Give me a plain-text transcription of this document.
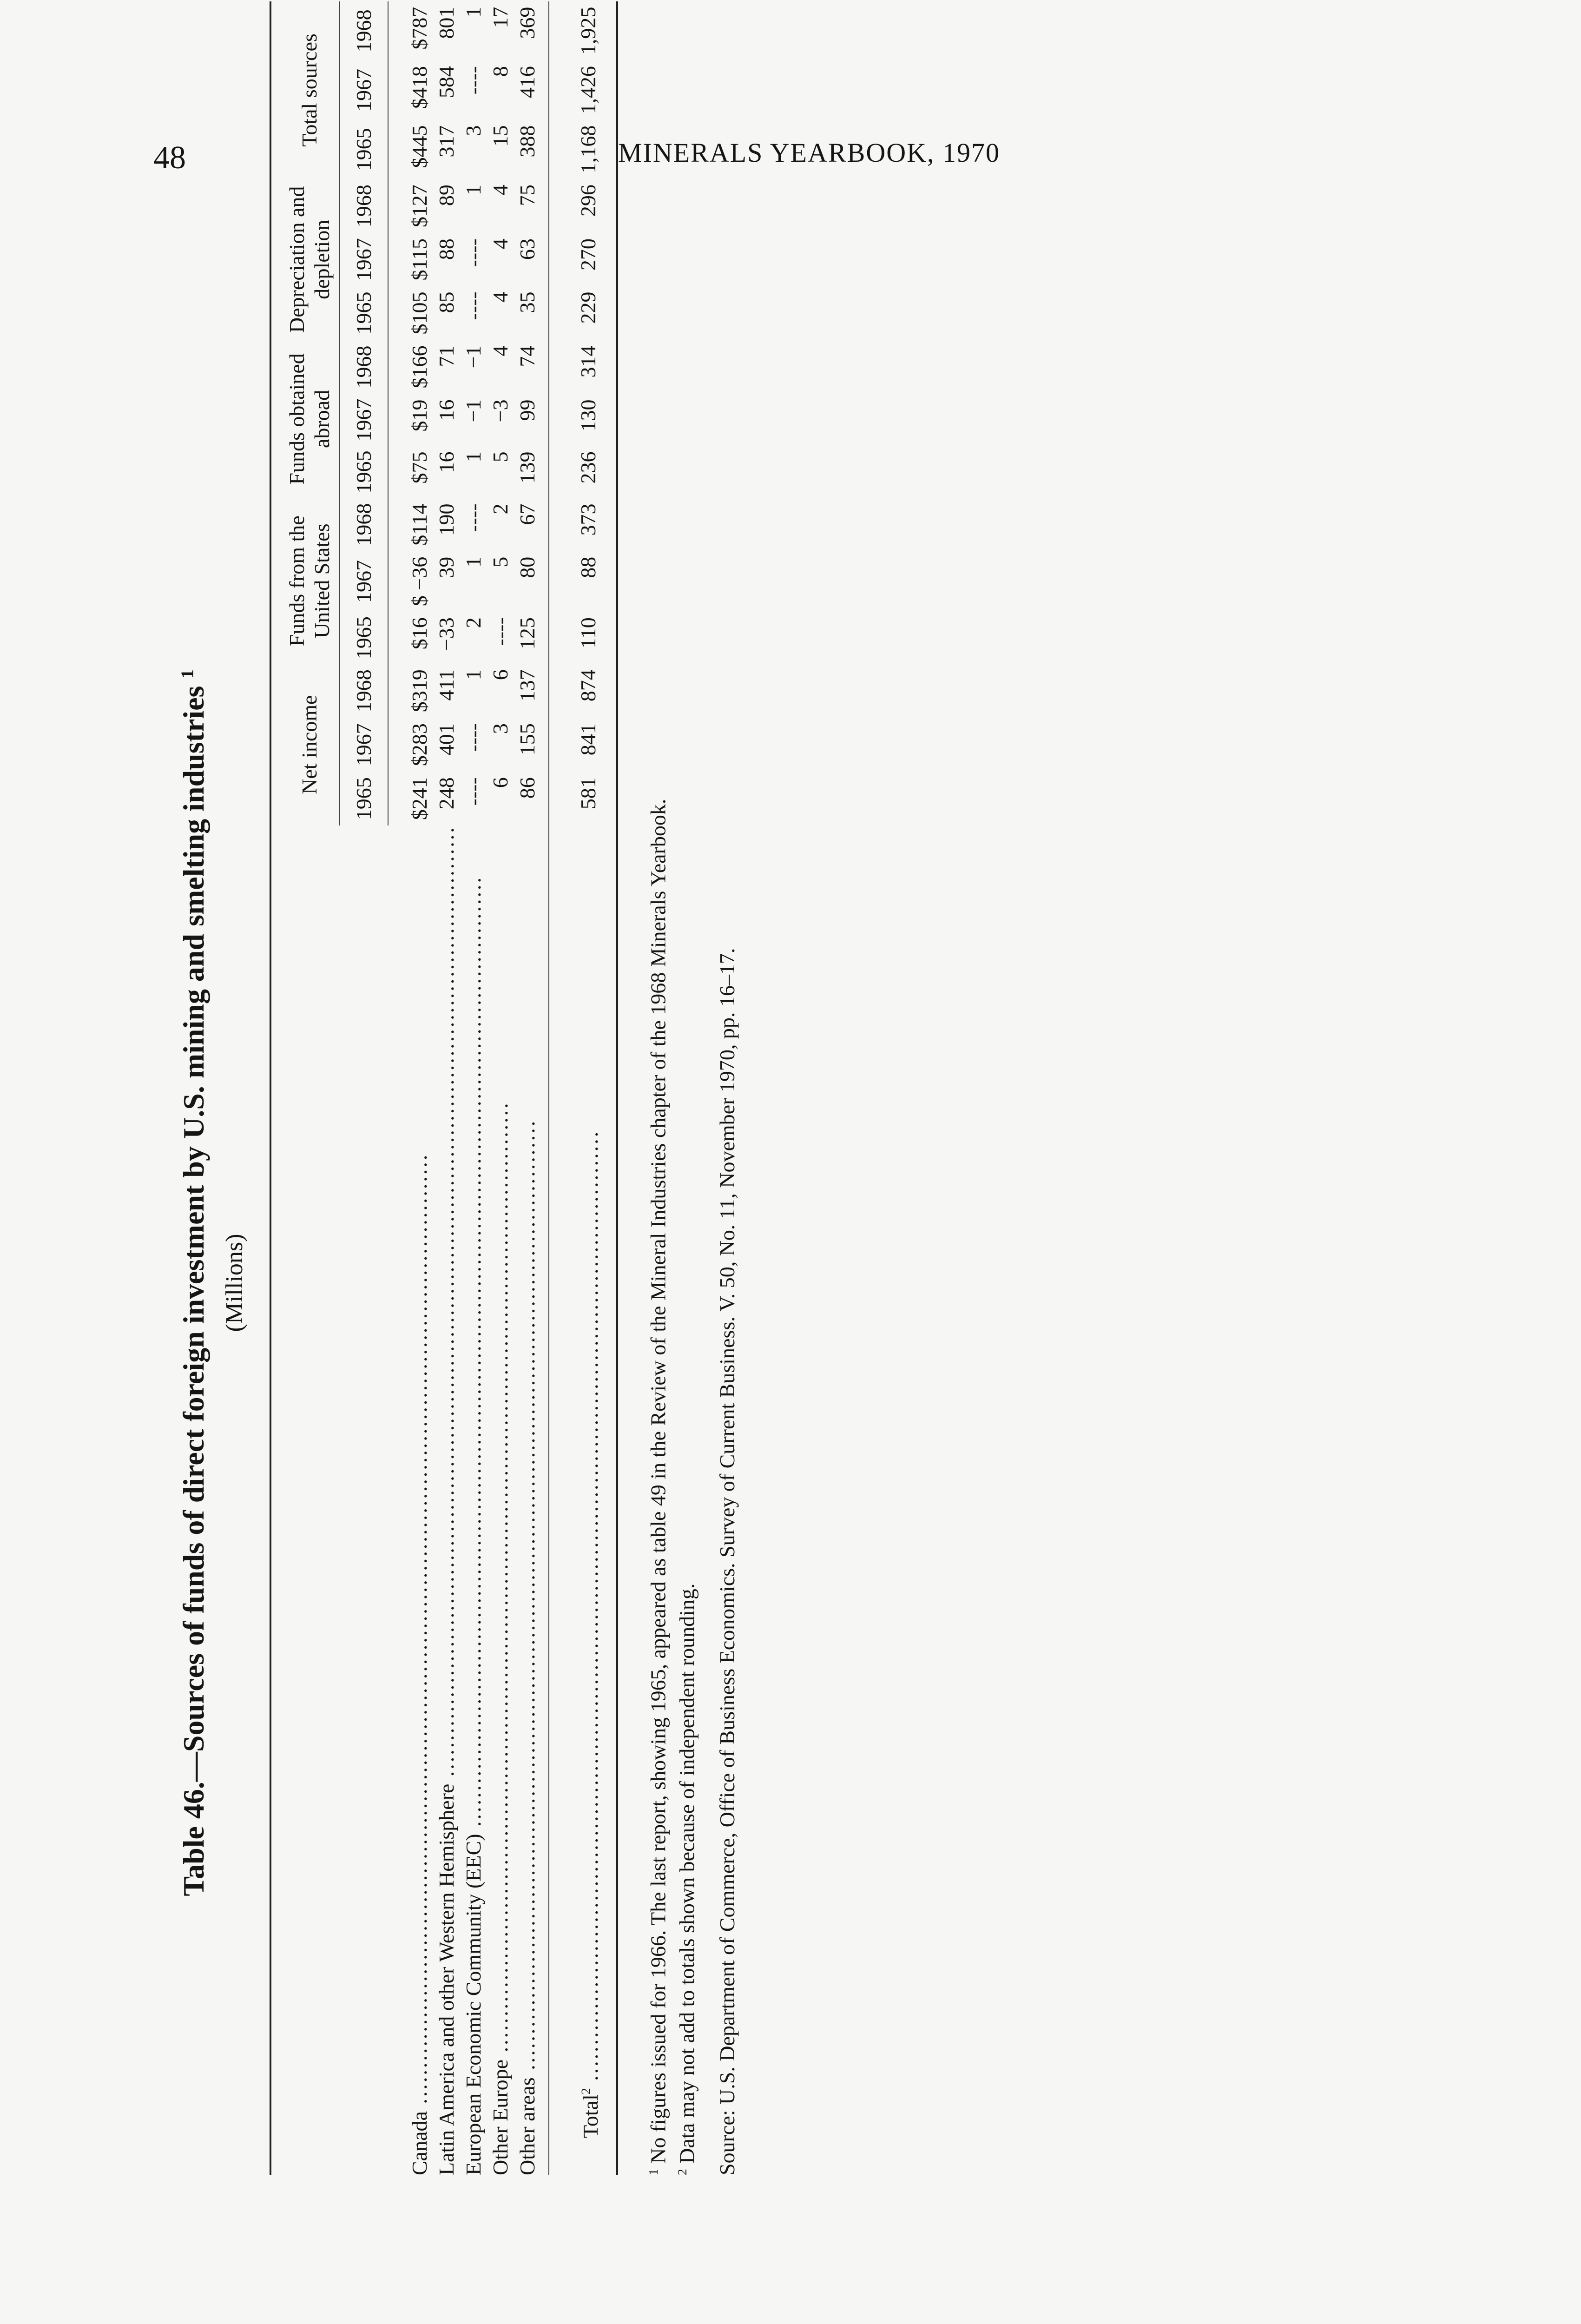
48	MINERALS YEARBOOK, 1970
Table 46.—Sources of funds of direct foreign investment by U.S. mining and smelting industries $^1$
(Millions)
	Net income			Funds from the United States			Funds obtained abroad			Depreciation and depletion			Total sources		
	1965	1967	1968	1965	1967	1968	1965	1967	1968	1965	1967	1968	1965	1967	1968

Canada .....	$241	$283	$319	$16	$ −36	$114	$75	$19	$166	$105	$115	$127	$445	$418	$787

Latin America and other Western Hemisphere .....	248	401	411	−33	39	190	16	16	71	85	88	89	317	584	801

European Economic Community (EEC) .....	----	----	1	2	1	----	1	−1	−1	----	----	1	3	----	1

Other Europe .....	6	3	6	----	5	2	5	−3	4	4	4	4	15	8	17

Other areas .....	86	155	137	125	80	67	139	99	74	35	63	75	388	416	369

Total$^2$ .....	581	841	874	110	88	373	236	130	314	229	270	296	1,168	1,426	1,925
$^1$ No figures issued for 1966. The last report, showing 1965, appeared as table 49 in the Review of the Mineral Industries chapter of the 1968 Minerals Yearbook.
$^2$ Data may not add to totals shown because of independent rounding. Source: U.S. Department of Commerce, Office of Business Economics. Survey of Current Business. V. 50, No. 11, November 1970, pp. 16–17.
